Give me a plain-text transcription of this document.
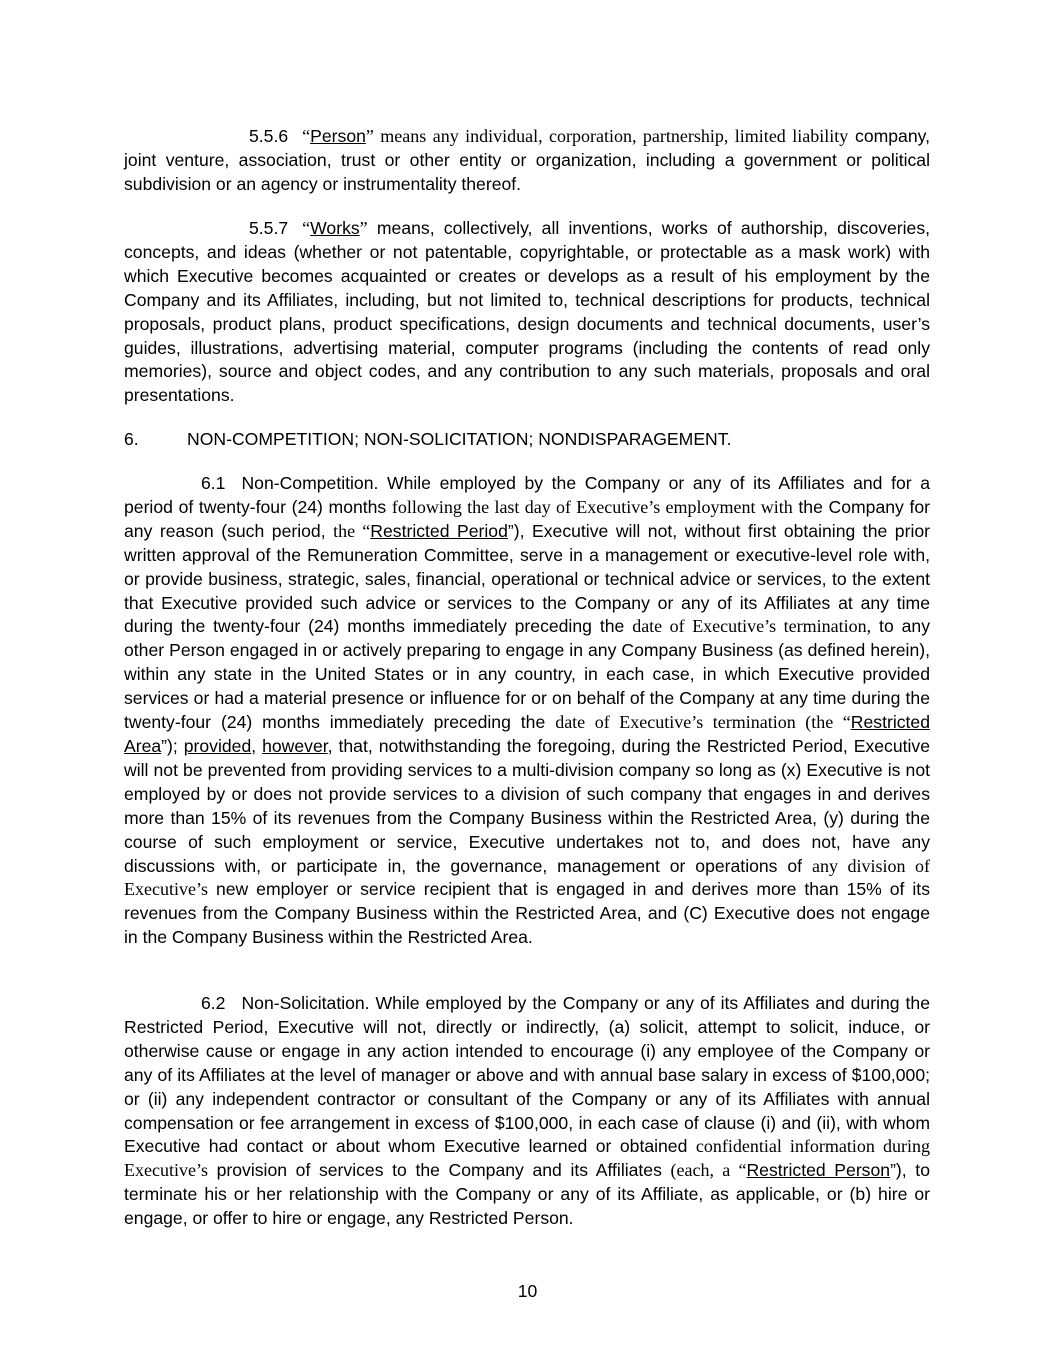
5.5.6 “Person” means any individual, corporation, partnership, limited liability company, joint venture, association, trust or other entity or organization, including a government or political subdivision or an agency or instrumentality thereof.

5.5.7 “Works” means, collectively, all inventions, works of authorship, discoveries, concepts, and ideas (whether or not patentable, copyrightable, or protectable as a mask work) with which Executive becomes acquainted or creates or develops as a result of his employment by the Company and its Affiliates, including, but not limited to, technical descriptions for products, technical proposals, product plans, product specifications, design documents and technical documents, user’s guides, illustrations, advertising material, computer programs (including the contents of read only memories), source and object codes, and any contribution to any such materials, proposals and oral presentations.

6.	NON-COMPETITION; NON-SOLICITATION; NONDISPARAGEMENT.

6.1 Non-Competition. While employed by the Company or any of its Affiliates and for a period of twenty-four (24) months following the last day of Executive’s employment with the Company for any reason (such period, the “Restricted Period”), Executive will not, without first obtaining the prior written approval of the Remuneration Committee, serve in a management or executive-level role with, or provide business, strategic, sales, financial, operational or technical advice or services, to the extent that Executive provided such advice or services to the Company or any of its Affiliates at any time during the twenty-four (24) months immediately preceding the date of Executive’s termination, to any other Person engaged in or actively preparing to engage in any Company Business (as defined herein), within any state in the United States or in any country, in each case, in which Executive provided services or had a material presence or influence for or on behalf of the Company at any time during the twenty-four (24) months immediately preceding the date of Executive’s termination (the “Restricted Area”); provided, however, that, notwithstanding the foregoing, during the Restricted Period, Executive will not be prevented from providing services to a multi-division company so long as (x) Executive is not employed by or does not provide services to a division of such company that engages in and derives more than 15% of its revenues from the Company Business within the Restricted Area, (y) during the course of such employment or service, Executive undertakes not to, and does not, have any discussions with, or participate in, the governance, management or operations of any division of Executive’s new employer or service recipient that is engaged in and derives more than 15% of its revenues from the Company Business within the Restricted Area, and (C) Executive does not engage in the Company Business within the Restricted Area.

6.2 Non-Solicitation. While employed by the Company or any of its Affiliates and during the Restricted Period, Executive will not, directly or indirectly, (a) solicit, attempt to solicit, induce, or otherwise cause or engage in any action intended to encourage (i) any employee of the Company or any of its Affiliates at the level of manager or above and with annual base salary in excess of $100,000; or (ii) any independent contractor or consultant of the Company or any of its Affiliates with annual compensation or fee arrangement in excess of $100,000, in each case of clause (i) and (ii), with whom Executive had contact or about whom Executive learned or obtained confidential information during Executive’s provision of services to the Company and its Affiliates (each, a “Restricted Person”), to terminate his or her relationship with the Company or any of its Affiliate, as applicable, or (b) hire or engage, or offer to hire or engage, any Restricted Person.

10
